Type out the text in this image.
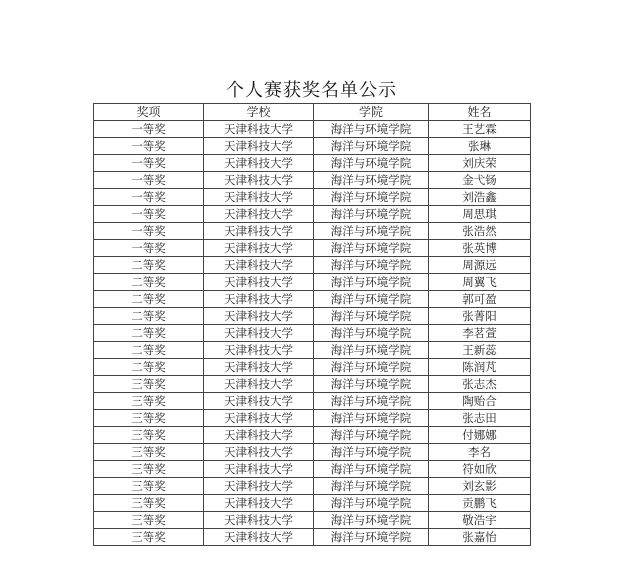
个人赛获奖名单公示
奖项	学校	学院	姓名
一等奖	天津科技大学	海洋与环境学院	王艺霖
一等奖	天津科技大学	海洋与环境学院	张琳
一等奖	天津科技大学	海洋与环境学院	刘庆荣
一等奖	天津科技大学	海洋与环境学院	金弋钖
一等奖	天津科技大学	海洋与环境学院	刘浩鑫
一等奖	天津科技大学	海洋与环境学院	周思琪
一等奖	天津科技大学	海洋与环境学院	张浩然
一等奖	天津科技大学	海洋与环境学院	张英博
二等奖	天津科技大学	海洋与环境学院	周源远
二等奖	天津科技大学	海洋与环境学院	周翼飞
二等奖	天津科技大学	海洋与环境学院	郭可盈
二等奖	天津科技大学	海洋与环境学院	张菁阳
二等奖	天津科技大学	海洋与环境学院	李茗萱
二等奖	天津科技大学	海洋与环境学院	王新蕊
二等奖	天津科技大学	海洋与环境学院	陈润芃
三等奖	天津科技大学	海洋与环境学院	张志杰
三等奖	天津科技大学	海洋与环境学院	陶贻合
三等奖	天津科技大学	海洋与环境学院	张志田
三等奖	天津科技大学	海洋与环境学院	付娜娜
三等奖	天津科技大学	海洋与环境学院	李名
三等奖	天津科技大学	海洋与环境学院	符如欣
三等奖	天津科技大学	海洋与环境学院	刘玄影
三等奖	天津科技大学	海洋与环境学院	贡鹏飞
三等奖	天津科技大学	海洋与环境学院	敬浩宇
三等奖	天津科技大学	海洋与环境学院	张嘉怡
